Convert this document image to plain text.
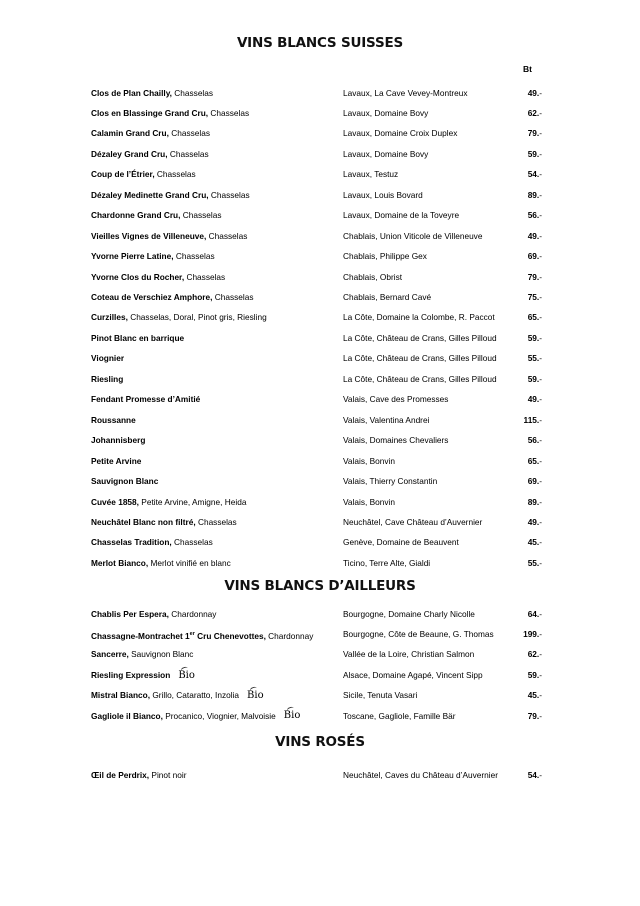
VINS BLANCS SUISSES
Bt
Clos de Plan Chailly, Chasselas	Lavaux, La Cave Vevey-Montreux	49.-
Clos en Blassinge Grand Cru, Chasselas	Lavaux, Domaine Bovy	62.-
Calamin Grand Cru, Chasselas	Lavaux, Domaine Croix Duplex	79.-
Dézaley Grand Cru, Chasselas	Lavaux, Domaine Bovy	59.-
Coup de l’Étrier, Chasselas	Lavaux, Testuz	54.-
Dézaley Medinette Grand Cru, Chasselas	Lavaux, Louis Bovard	89.-
Chardonne Grand Cru, Chasselas	Lavaux, Domaine de la Toveyre	56.-
Vieilles Vignes de Villeneuve, Chasselas	Chablais, Union Viticole de Villeneuve	49.-
Yvorne Pierre Latine, Chasselas	Chablais, Philippe Gex	69.-
Yvorne Clos du Rocher, Chasselas	Chablais, Obrist	79.-
Coteau de Verschiez Amphore, Chasselas	Chablais, Bernard Cavé	75.-
Curzilles, Chasselas, Doral, Pinot gris, Riesling	La Côte, Domaine la Colombe, R. Paccot	65.-
Pinot Blanc en barrique	La Côte, Château de Crans, Gilles Pilloud	59.-
Viognier	La Côte, Château de Crans, Gilles Pilloud	55.-
Riesling	La Côte, Château de Crans, Gilles Pilloud	59.-
Fendant Promesse d’Amitié	Valais, Cave des Promesses	49.-
Roussanne	Valais, Valentina Andrei	115.-
Johannisberg	Valais, Domaines Chevaliers	56.-
Petite Arvine	Valais, Bonvin	65.-
Sauvignon Blanc	Valais, Thierry Constantin	69.-
Cuvée 1858, Petite Arvine, Amigne, Heida	Valais, Bonvin	89.-
Neuchâtel Blanc non filtré, Chasselas	Neuchâtel, Cave Château d’Auvernier	49.-
Chasselas Tradition, Chasselas	Genève, Domaine de Beauvent	45.-
Merlot Bianco, Merlot vinifié en blanc	Ticino, Terre Alte, Gialdi	55.-
VINS BLANCS D’AILLEURS
Chablis Per Espera, Chardonnay	Bourgogne, Domaine Charly Nicolle	64.-
Chassagne-Montrachet 1er Cru Chenevottes, Chardonnay	Bourgogne, Côte de Beaune, G. Thomas	199.-
Sancerre, Sauvignon Blanc	Vallée de la Loire, Christian Salmon	62.-
Riesling Expression Bio	Alsace, Domaine Agapé, Vincent Sipp	59.-
Mistral Bianco, Grillo, Cataratto, Inzolia Bio	Sicile, Tenuta Vasari	45.-
Gagliole il Bianco, Procanico, Viognier, Malvoisie Bio	Toscane, Gagliole, Famille Bär	79.-
VINS ROSÉS
Œil de Perdrix, Pinot noir	Neuchâtel, Caves du Château d’Auvernier	54.-
